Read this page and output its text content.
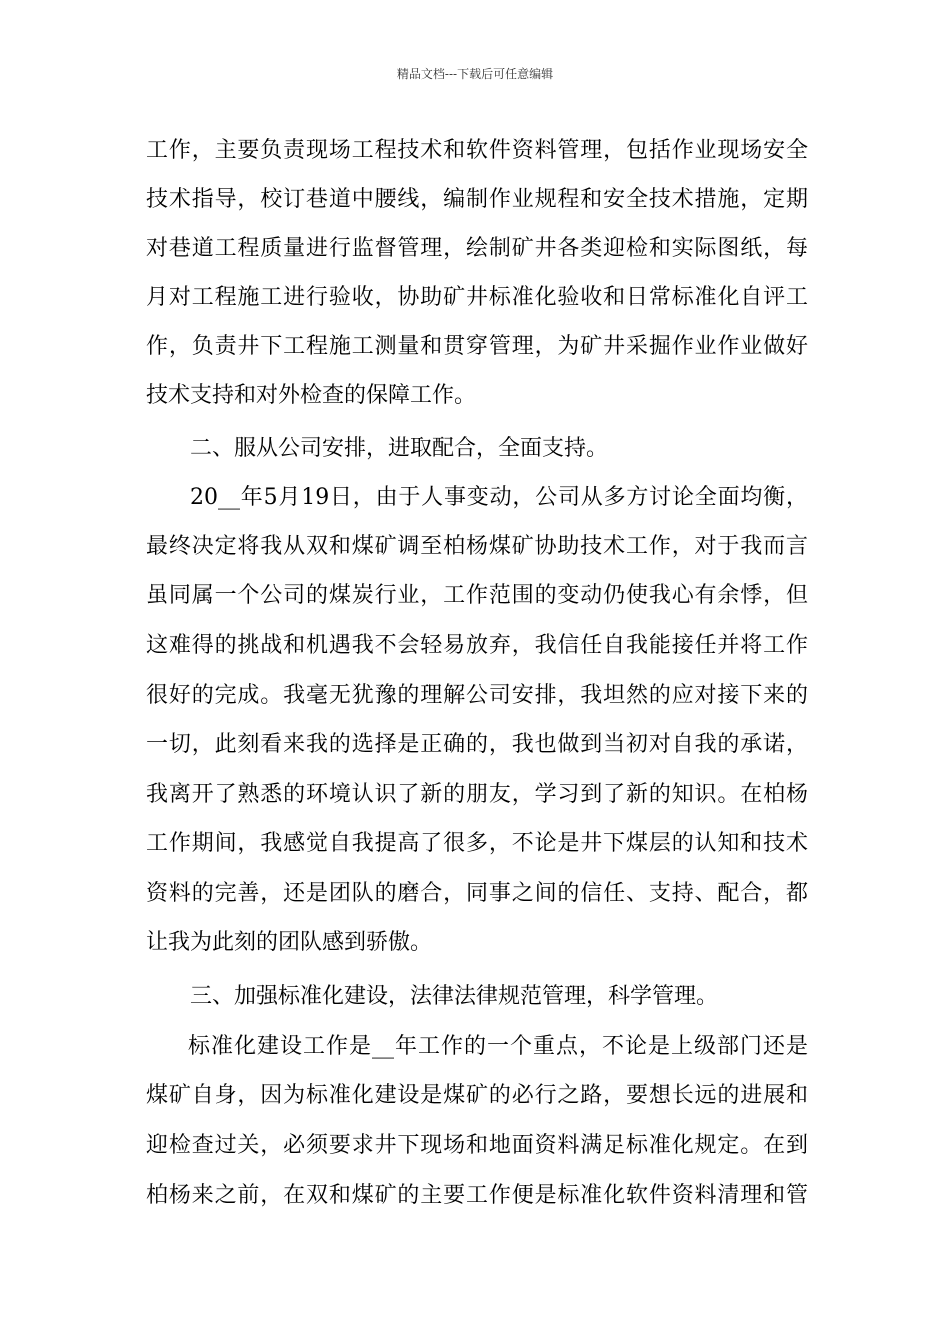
精品文档---下载后可任意编辑
工作，主要负责现场工程技术和软件资料管理，包括作业现场安全
技术指导，校订巷道中腰线，编制作业规程和安全技术措施，定期
对巷道工程质量进行监督管理，绘制矿井各类迎检和实际图纸，每
月对工程施工进行验收，协助矿井标准化验收和日常标准化自评工
作，负责井下工程施工测量和贯穿管理，为矿井采掘作业作业做好
技术支持和对外检查的保障工作。
二、服从公司安排，进取配合，全面支持。
20__年5月19日，由于人事变动，公司从多方讨论全面均衡，
最终决定将我从双和煤矿调至柏杨煤矿协助技术工作，对于我而言
虽同属一个公司的煤炭行业，工作范围的变动仍使我心有余悸，但
这难得的挑战和机遇我不会轻易放弃，我信任自我能接任并将工作
很好的完成。我毫无犹豫的理解公司安排，我坦然的应对接下来的
一切，此刻看来我的选择是正确的，我也做到当初对自我的承诺，
我离开了熟悉的环境认识了新的朋友，学习到了新的知识。在柏杨
工作期间，我感觉自我提高了很多，不论是井下煤层的认知和技术
资料的完善，还是团队的磨合，同事之间的信任、支持、配合，都
让我为此刻的团队感到骄傲。
三、加强标准化建设，法律法律规范管理，科学管理。
标准化建设工作是__年工作的一个重点，不论是上级部门还是
煤矿自身，因为标准化建设是煤矿的必行之路，要想长远的进展和
迎检查过关，必须要求井下现场和地面资料满足标准化规定。在到
柏杨来之前，在双和煤矿的主要工作便是标准化软件资料清理和管
